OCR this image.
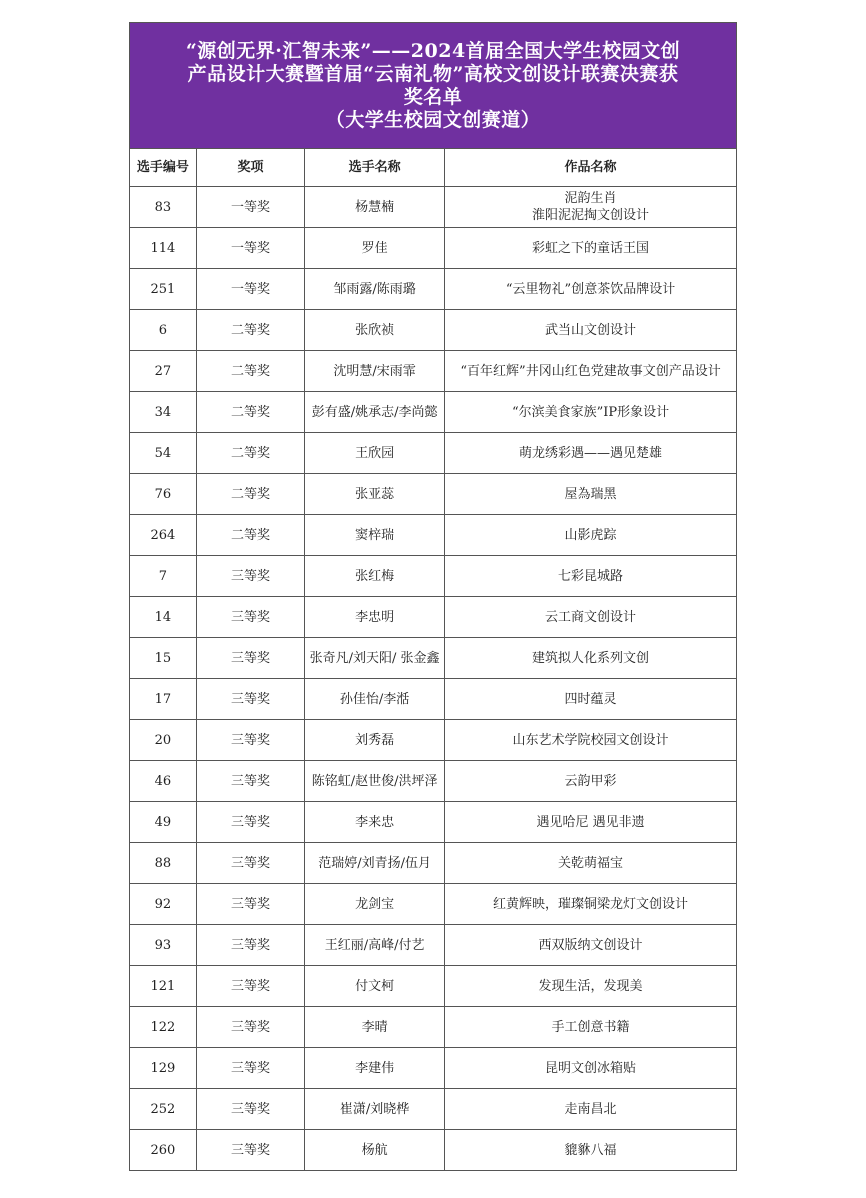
“源创无界·汇智未来”——2024首届全国大学生校园文创
产品设计大赛暨首届“云南礼物”高校文创设计联赛决赛获
奖名单
（大学生校园文创赛道）			

选手编号	奖项	选手名称	作品名称
83	一等奖	杨慧楠	泥韵生肖
淮阳泥泥掏文创设计
114	一等奖	罗佳	彩虹之下的童话王国
251	一等奖	邹雨露/陈雨璐	“云里物礼”创意茶饮品牌设计
6	二等奖	张欣祯	武当山文创设计
27	二等奖	沈明慧/宋雨霏	“百年红辉”井冈山红色党建故事文创产品设计
34	二等奖	彭有盛/姚承志/李尚懿	“尔滨美食家族”IP形象设计
54	二等奖	王欣园	萌龙绣彩遇——遇见楚雄
76	二等奖	张亚蕊	屋為瑞黑
264	二等奖	窦梓瑞	山影虎踪
7	三等奖	张红梅	七彩昆城路
14	三等奖	李忠明	云工商文创设计
15	三等奖	张奇凡/刘天阳/ 张金鑫	建筑拟人化系列文创
17	三等奖	孙佳怡/李湉	四时蕴灵
20	三等奖	刘秀磊	山东艺术学院校园文创设计
46	三等奖	陈铭虹/赵世俊/洪坪泽	云韵甲彩
49	三等奖	李来忠	遇见哈尼 遇见非遗
88	三等奖	范瑞婷/刘青扬/伍月	关乾萌福宝
92	三等奖	龙剑宝	红黄辉映，璀璨铜梁龙灯文创设计
93	三等奖	王红丽/高峰/付艺	西双版纳文创设计
121	三等奖	付文柯	发现生活，发现美
122	三等奖	李晴	手工创意书籍
129	三等奖	李建伟	昆明文创冰箱贴
252	三等奖	崔潇/刘晓桦	走南昌北
260	三等奖	杨航	貔貅八福
